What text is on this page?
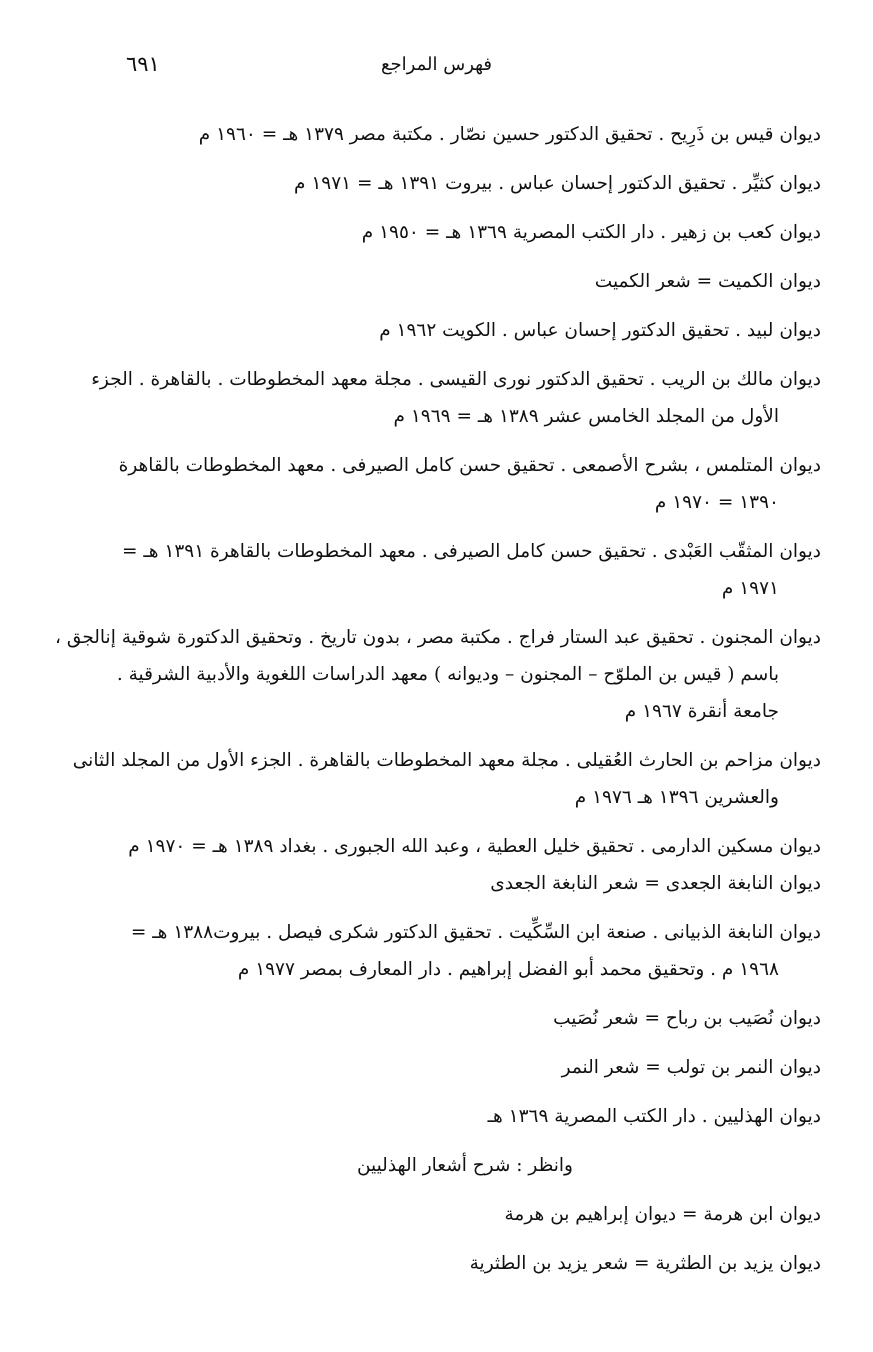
٦٩١	فهرس المراجع

ديوان قيس بن ذَرِيح . تحقيق الدكتور حسين نصّار . مكتبة مصر ١٣٧٩ هـ = ١٩٦٠ م

ديوان كثيِّر . تحقيق الدكتور إحسان عباس . بيروت ١٣٩١ هـ = ١٩٧١ م

ديوان كعب بن زهير . دار الكتب المصرية ١٣٦٩ هـ = ١٩٥٠ م

ديوان الكميت = شعر الكميت

ديوان لبيد . تحقيق الدكتور إحسان عباس . الكويت ١٩٦٢ م

ديوان مالك بن الريب . تحقيق الدكتور نورى القيسى . مجلة معهد المخطوطات . بالقاهرة . الجزء

الأول من المجلد الخامس عشر ١٣٨٩ هـ = ١٩٦٩ م

ديوان المتلمس ، بشرح الأصمعى . تحقيق حسن كامل الصيرفى . معهد المخطوطات بالقاهرة

١٣٩٠ = ١٩٧٠ م

ديوان المثقّب العَبْدى . تحقيق حسن كامل الصيرفى . معهد المخطوطات بالقاهرة ١٣٩١ هـ =

١٩٧١ م

ديوان المجنون . تحقيق عبد الستار فراج . مكتبة مصر ، بدون تاريخ . وتحقيق الدكتورة شوقية إنالجق ،

باسم ( قيس بن الملوّح – المجنون – وديوانه ) معهد الدراسات اللغوية والأدبية الشرقية .

جامعة أنقرة ١٩٦٧ م

ديوان مزاحم بن الحارث العُقيلى . مجلة معهد المخطوطات بالقاهرة . الجزء الأول من المجلد الثانى

والعشرين ١٣٩٦ هـ ١٩٧٦ م

ديوان مسكين الدارمى . تحقيق خليل العطية ، وعبد الله الجبورى . بغداد ١٣٨٩ هـ = ١٩٧٠ م

ديوان النابغة الجعدى = شعر النابغة الجعدى

ديوان النابغة الذبيانى . صنعة ابن السِّكِّيت . تحقيق الدكتور شكرى فيصل . بيروت١٣٨٨ هـ =

١٩٦٨ م . وتحقيق محمد أبو الفضل إبراهيم . دار المعارف بمصر ١٩٧٧ م

ديوان نُصَيب بن رباح = شعر نُصَيب

ديوان النمر بن تولب = شعر النمر

ديوان الهذليين . دار الكتب المصرية ١٣٦٩ هـ

وانظر : شرح أشعار الهذليين

ديوان ابن هرمة = ديوان إبراهيم بن هرمة

ديوان يزيد بن الطثرية = شعر يزيد بن الطثرية
